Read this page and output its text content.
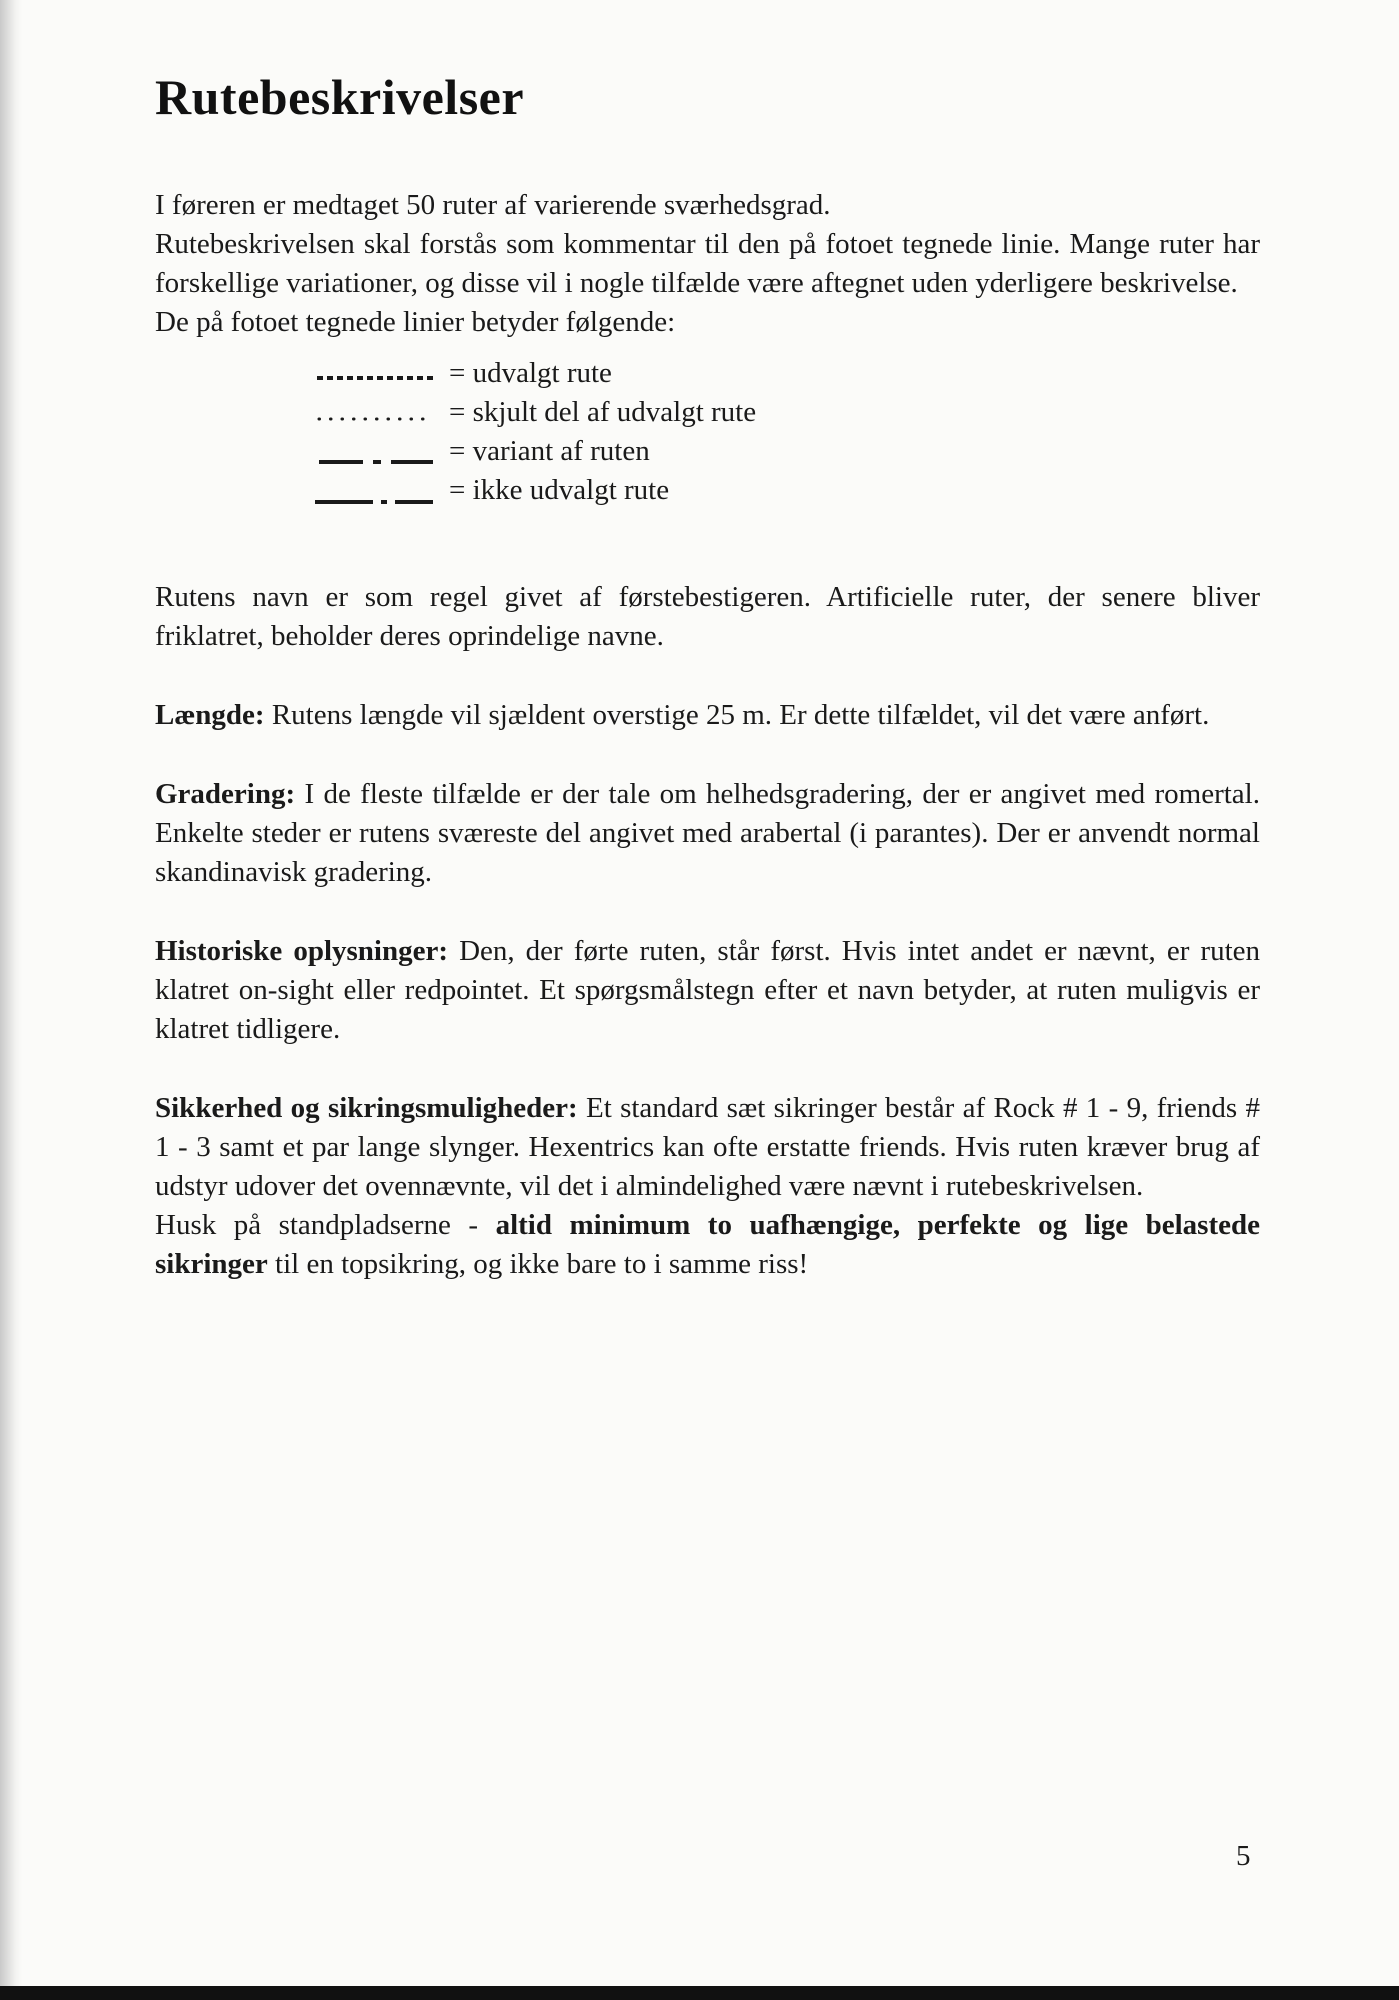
Rutebeskrivelser

I føreren er medtaget 50 ruter af varierende sværhedsgrad.

Rutebeskrivelsen skal forstås som kommentar til den på fotoet tegnede linie. Mange ruter har forskellige variationer, og disse vil i nogle tilfælde være aftegnet uden yderligere beskrivelse.

De på fotoet tegnede linier betyder følgende:

= udvalgt rute
= skjult del af udvalgt rute
= variant af ruten
= ikke udvalgt rute

Rutens navn er som regel givet af førstebestigeren. Artificielle ruter, der senere bliver friklatret, beholder deres oprindelige navne.

Længde: Rutens længde vil sjældent overstige 25 m. Er dette tilfældet, vil det være anført.

Gradering: I de fleste tilfælde er der tale om helhedsgradering, der er angivet med romertal. Enkelte steder er rutens sværeste del angivet med arabertal (i parantes). Der er anvendt normal skandinavisk gradering.

Historiske oplysninger: Den, der førte ruten, står først. Hvis intet andet er nævnt, er ruten klatret on-sight eller redpointet. Et spørgsmålstegn efter et navn betyder, at ruten muligvis er klatret tidligere.

Sikkerhed og sikringsmuligheder: Et standard sæt sikringer består af Rock # 1 - 9, friends # 1 - 3 samt et par lange slynger. Hexentrics kan ofte erstatte friends. Hvis ruten kræver brug af udstyr udover det ovennævnte, vil det i almindelighed være nævnt i rutebeskrivelsen.

Husk på standpladserne - altid minimum to uafhængige, perfekte og lige belastede sikringer til en topsikring, og ikke bare to i samme riss!

5
